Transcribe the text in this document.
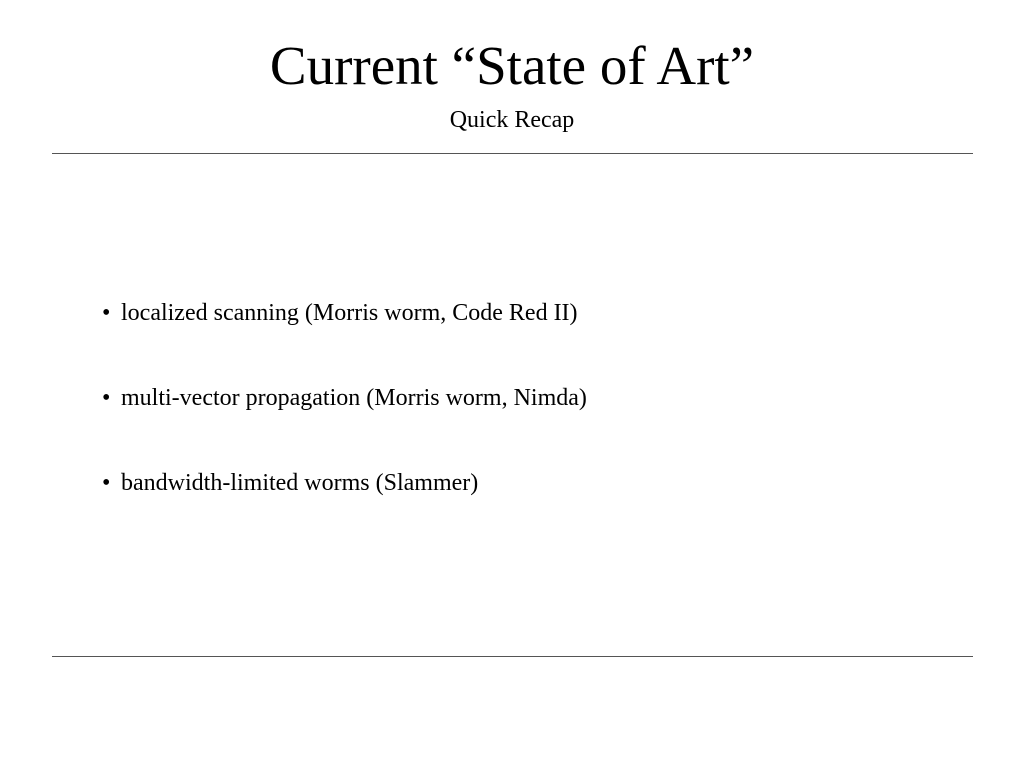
Current “State of Art”
Quick Recap
• localized scanning (Morris worm, Code Red II)
• multi-vector propagation (Morris worm, Nimda)
• bandwidth-limited worms (Slammer)
